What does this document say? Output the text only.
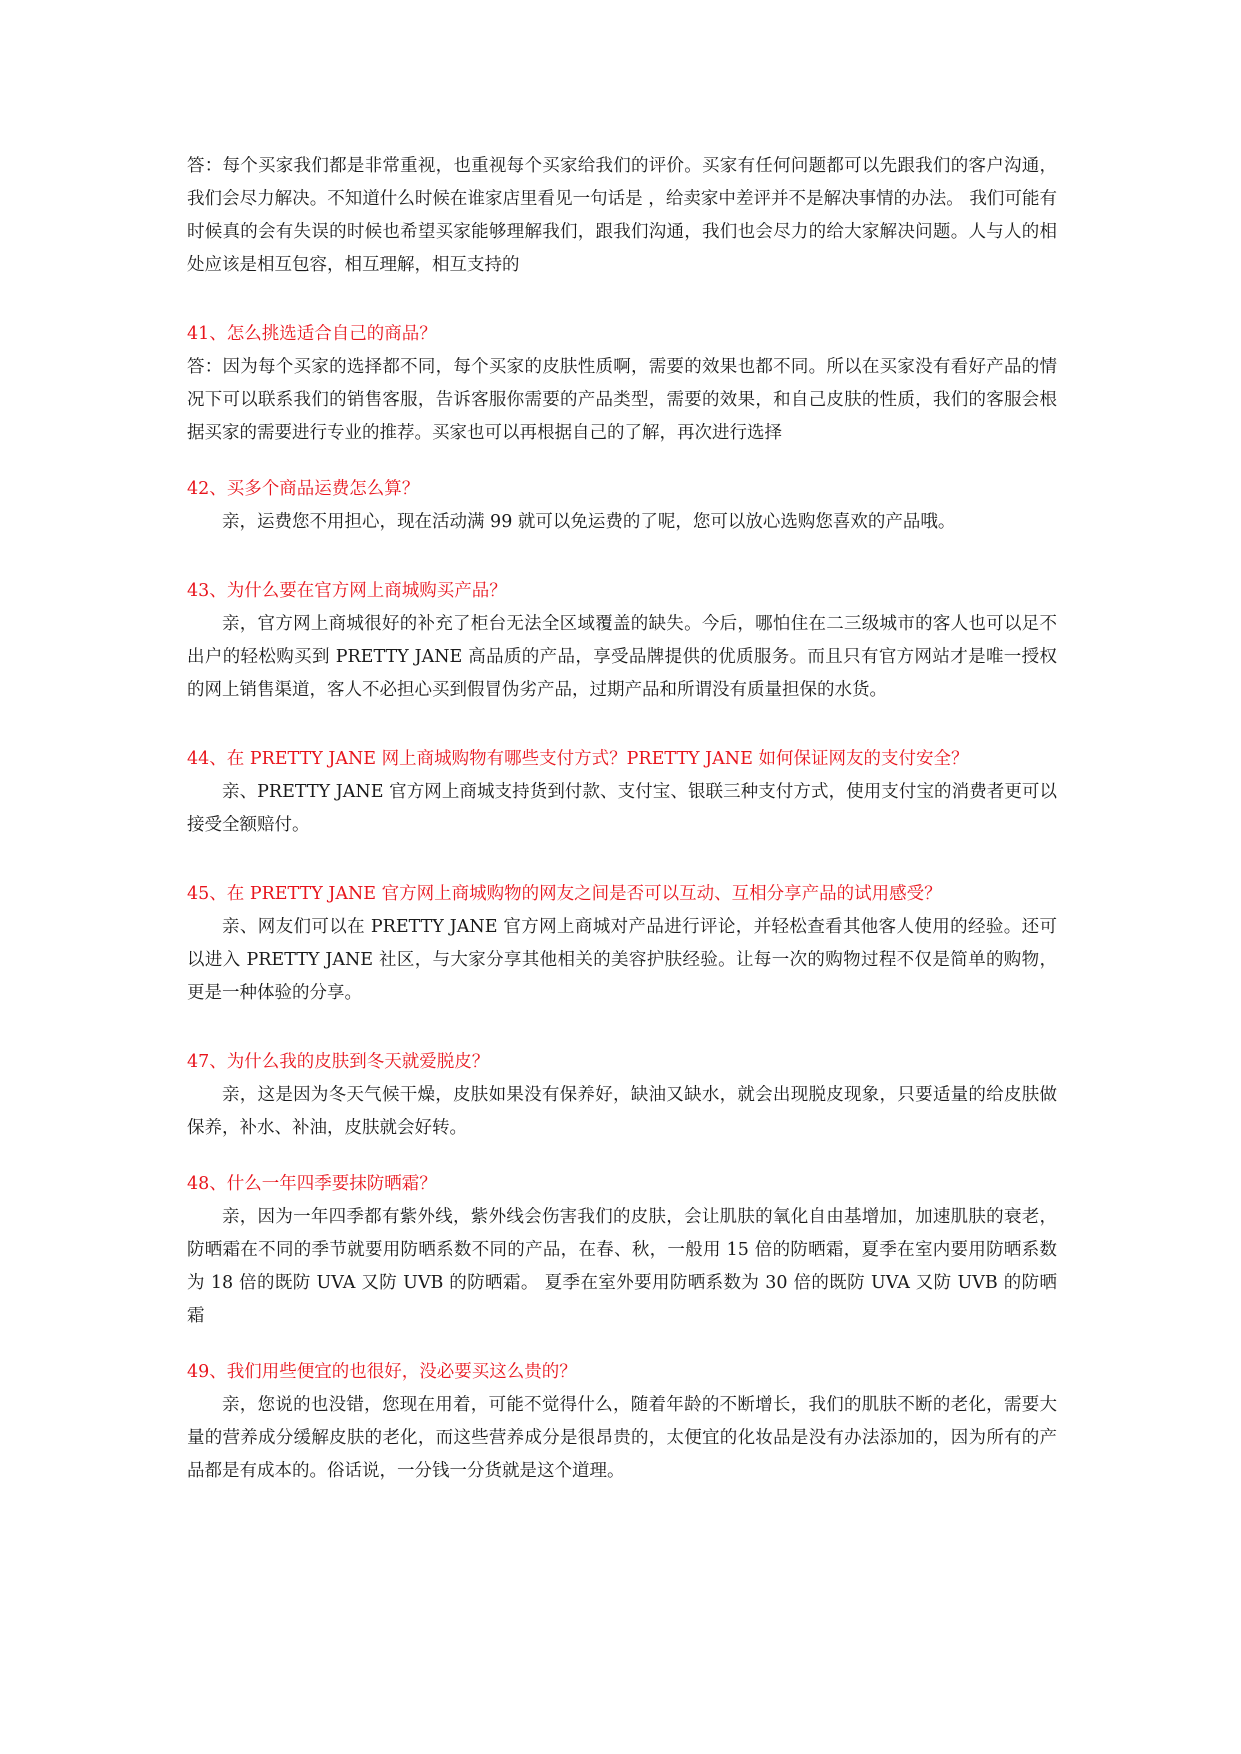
答：每个买家我们都是非常重视，也重视每个买家给我们的评价。买家有任何问题都可以先跟我们的客户沟通，我们会尽力解决。不知道什么时候在谁家店里看见一句话是 ，给卖家中差评并不是解决事情的办法。 我们可能有时候真的会有失误的时候也希望买家能够理解我们，跟我们沟通，我们也会尽力的给大家解决问题。人与人的相处应该是相互包容，相互理解，相互支持的

41、怎么挑选适合自己的商品？

答：因为每个买家的选择都不同，每个买家的皮肤性质啊，需要的效果也都不同。所以在买家没有看好产品的情况下可以联系我们的销售客服，告诉客服你需要的产品类型，需要的效果，和自己皮肤的性质，我们的客服会根据买家的需要进行专业的推荐。买家也可以再根据自己的了解，再次进行选择

42、买多个商品运费怎么算？

亲，运费您不用担心，现在活动满 99 就可以免运费的了呢，您可以放心选购您喜欢的产品哦。

43、为什么要在官方网上商城购买产品？

亲，官方网上商城很好的补充了柜台无法全区域覆盖的缺失。今后，哪怕住在二三级城市的客人也可以足不出户的轻松购买到 PRETTY JANE 高品质的产品，享受品牌提供的优质服务。而且只有官方网站才是唯一授权的网上销售渠道，客人不必担心买到假冒伪劣产品，过期产品和所谓没有质量担保的水货。

44、在 PRETTY JANE 网上商城购物有哪些支付方式？PRETTY JANE 如何保证网友的支付安全？

亲、PRETTY JANE 官方网上商城支持货到付款、支付宝、银联三种支付方式，使用支付宝的消费者更可以接受全额赔付。

45、在 PRETTY JANE 官方网上商城购物的网友之间是否可以互动、互相分享产品的试用感受？

亲、网友们可以在 PRETTY JANE 官方网上商城对产品进行评论，并轻松查看其他客人使用的经验。还可以进入 PRETTY JANE 社区，与大家分享其他相关的美容护肤经验。让每一次的购物过程不仅是简单的购物，更是一种体验的分享。

47、为什么我的皮肤到冬天就爱脱皮？

亲，这是因为冬天气候干燥，皮肤如果没有保养好，缺油又缺水，就会出现脱皮现象，只要适量的给皮肤做保养，补水、补油，皮肤就会好转。

48、什么一年四季要抹防晒霜？

亲，因为一年四季都有紫外线，紫外线会伤害我们的皮肤，会让肌肤的氧化自由基增加，加速肌肤的衰老，防晒霜在不同的季节就要用防晒系数不同的产品，在春、秋，一般用 15 倍的防晒霜，夏季在室内要用防晒系数为 18 倍的既防 UVA 又防 UVB 的防晒霜。 夏季在室外要用防晒系数为 30 倍的既防 UVA 又防 UVB 的防晒霜

49、我们用些便宜的也很好，没必要买这么贵的？

亲，您说的也没错，您现在用着，可能不觉得什么，随着年龄的不断增长，我们的肌肤不断的老化，需要大量的营养成分缓解皮肤的老化，而这些营养成分是很昂贵的，太便宜的化妆品是没有办法添加的，因为所有的产品都是有成本的。俗话说，一分钱一分货就是这个道理。
